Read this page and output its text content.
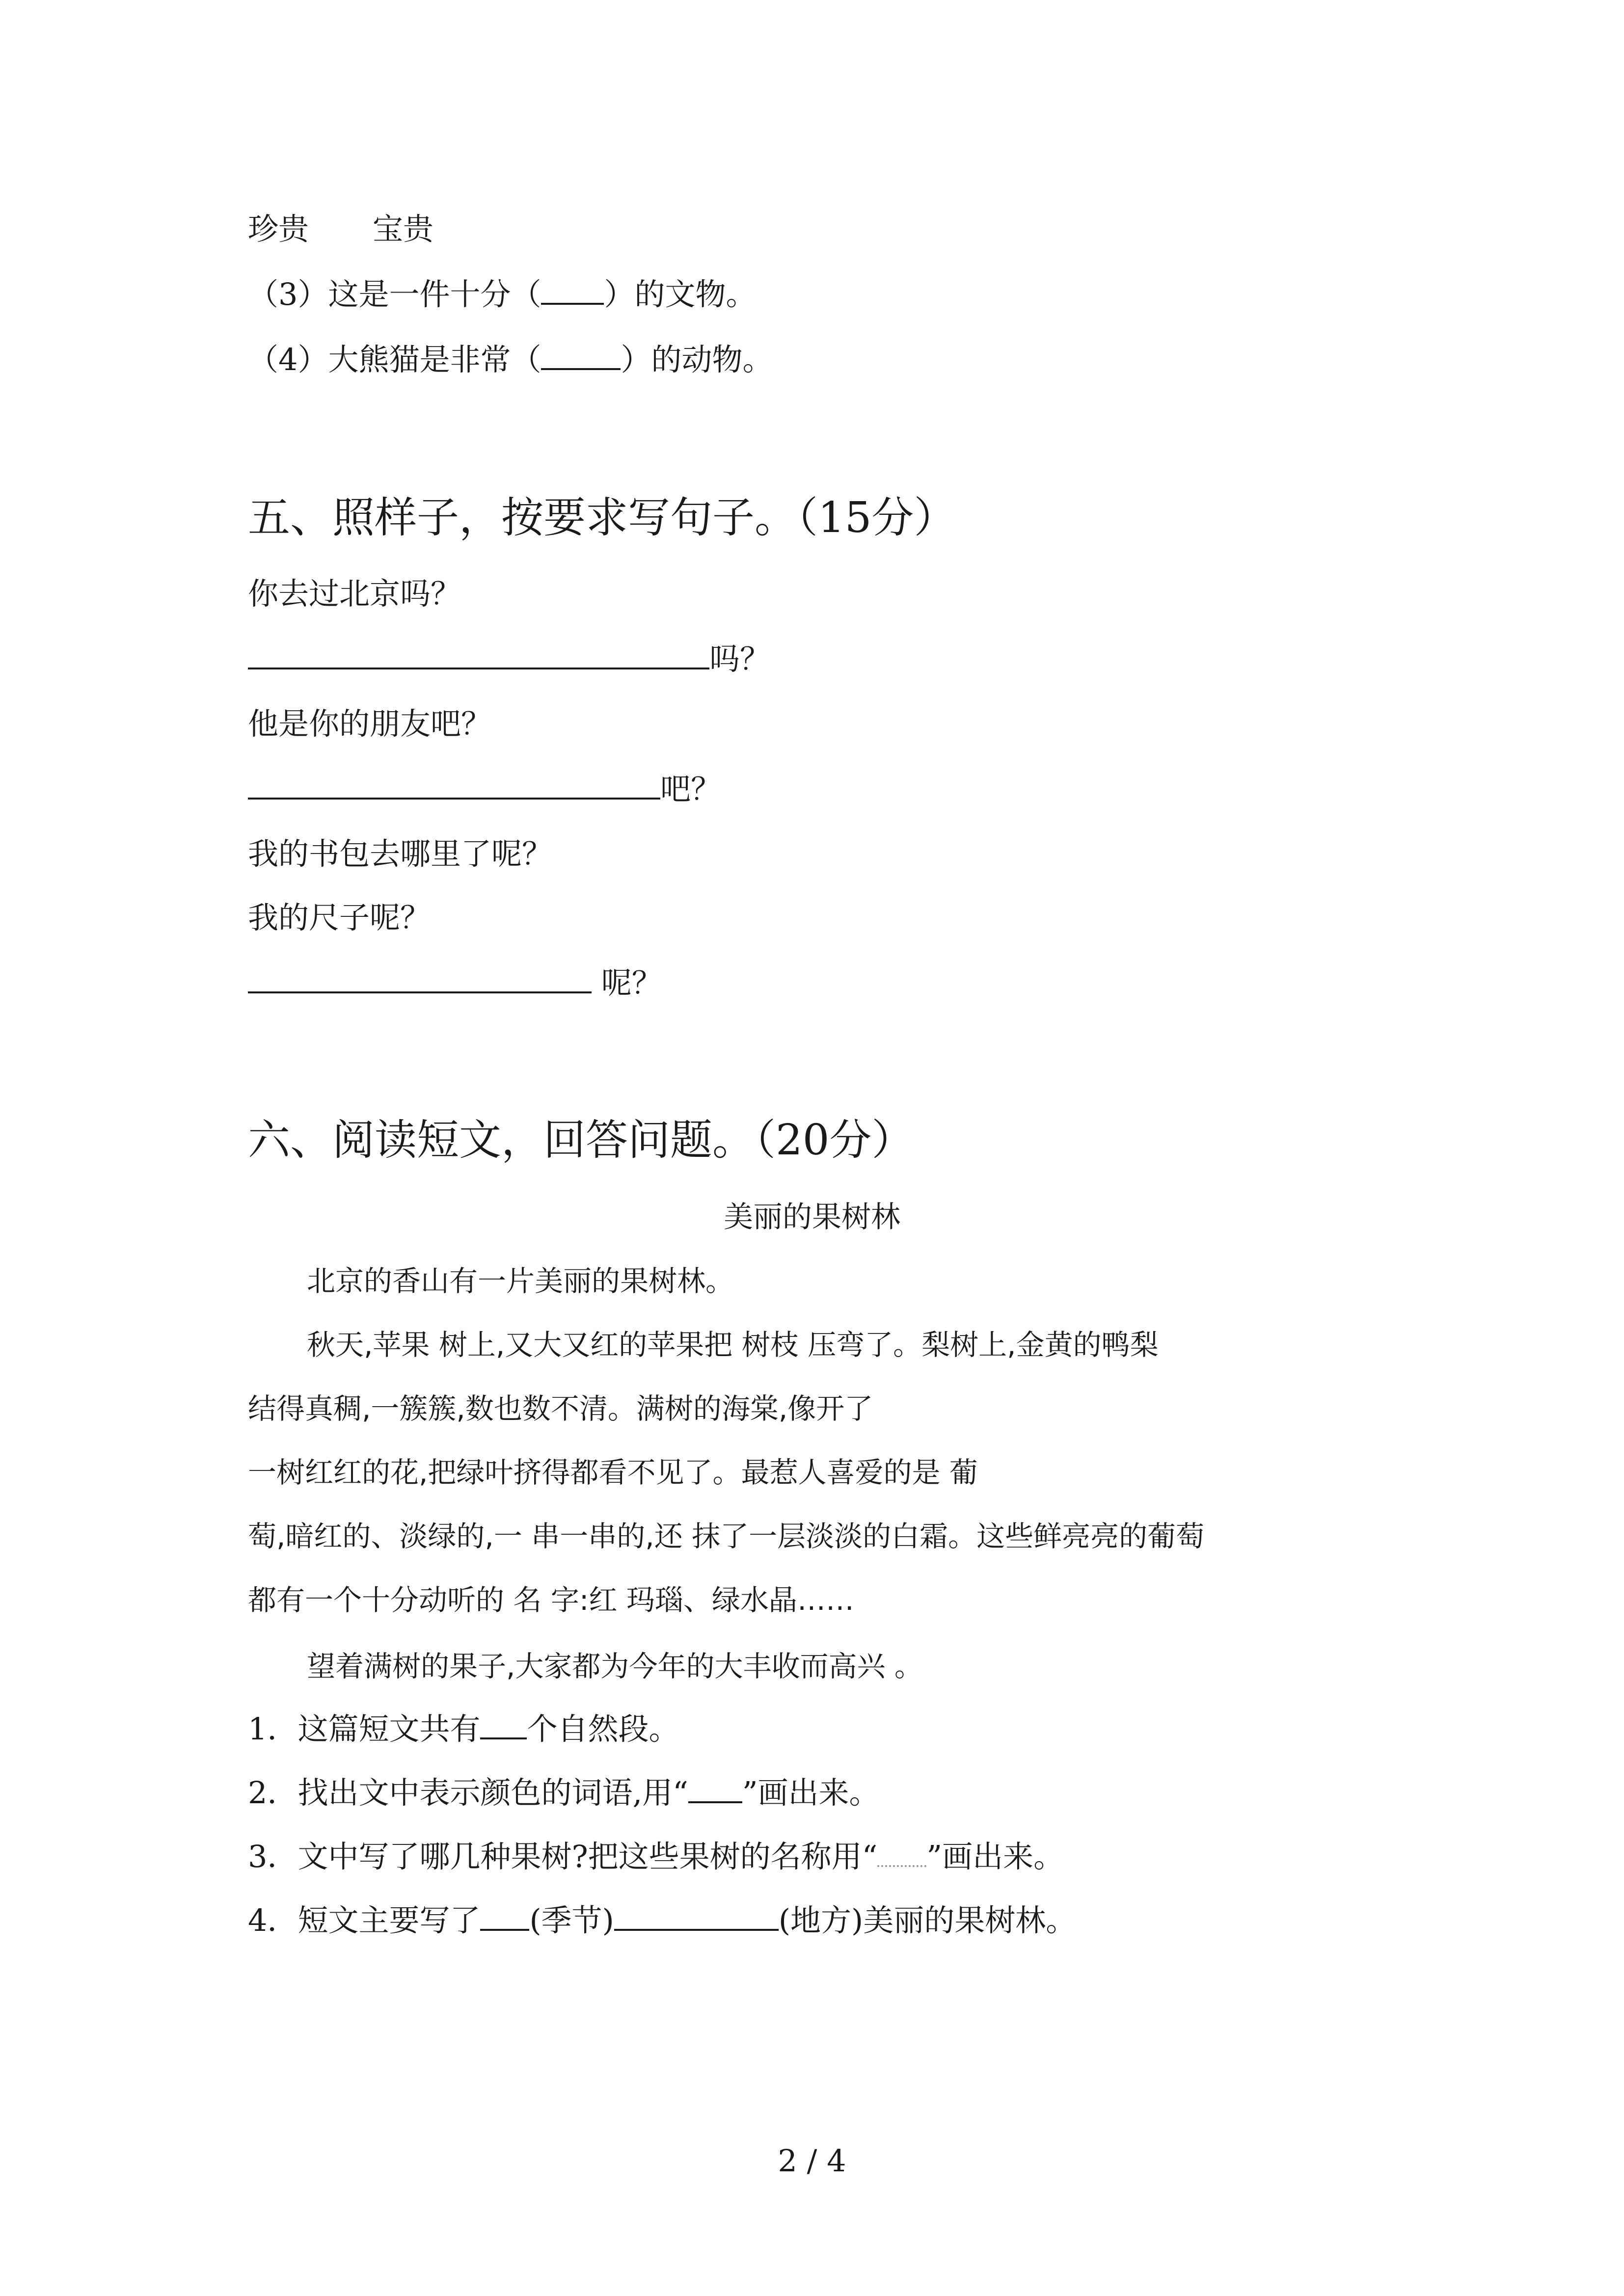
珍贵 宝贵
（3）这是一件十分（ ）的文物。
（4）大熊猫是非常（	）的动物。
五、照样子，按要求写句子。（15分）
你去过北京吗？
吗？
他是你的朋友吧？
吧？
我的书包去哪里了呢？
我的尺子呢？
呢？
六、阅读短文，回答问题。（20分）
美丽的果树林
北京的香山有一片美丽的果树林。
秋天,苹果 树上,又大又红的苹果把 树枝 压弯了。梨树上,金黄的鸭梨
结得真稠,一簇簇,数也数不清。满树的海棠,像开了
一树红红的花,把绿叶挤得都看不见了。最惹人喜爱的是 葡
萄,暗红的、淡绿的,一 串一串的,还 抹了一层淡淡的白霜。这些鲜亮亮的葡萄
都有一个十分动听的 名 字:红 玛瑙、绿水晶……
望着满树的果子,大家都为今年的大丰收而高兴 。
1．这篇短文共有 个自然段。
2．找出文中表示颜色的词语,用“ ”画出来。
3．文中写了哪几种果树?把这些果树的名称用“ ”画出来。
4．短文主要写了 (季节)	(地方)美丽的果树林。
2 / 4
